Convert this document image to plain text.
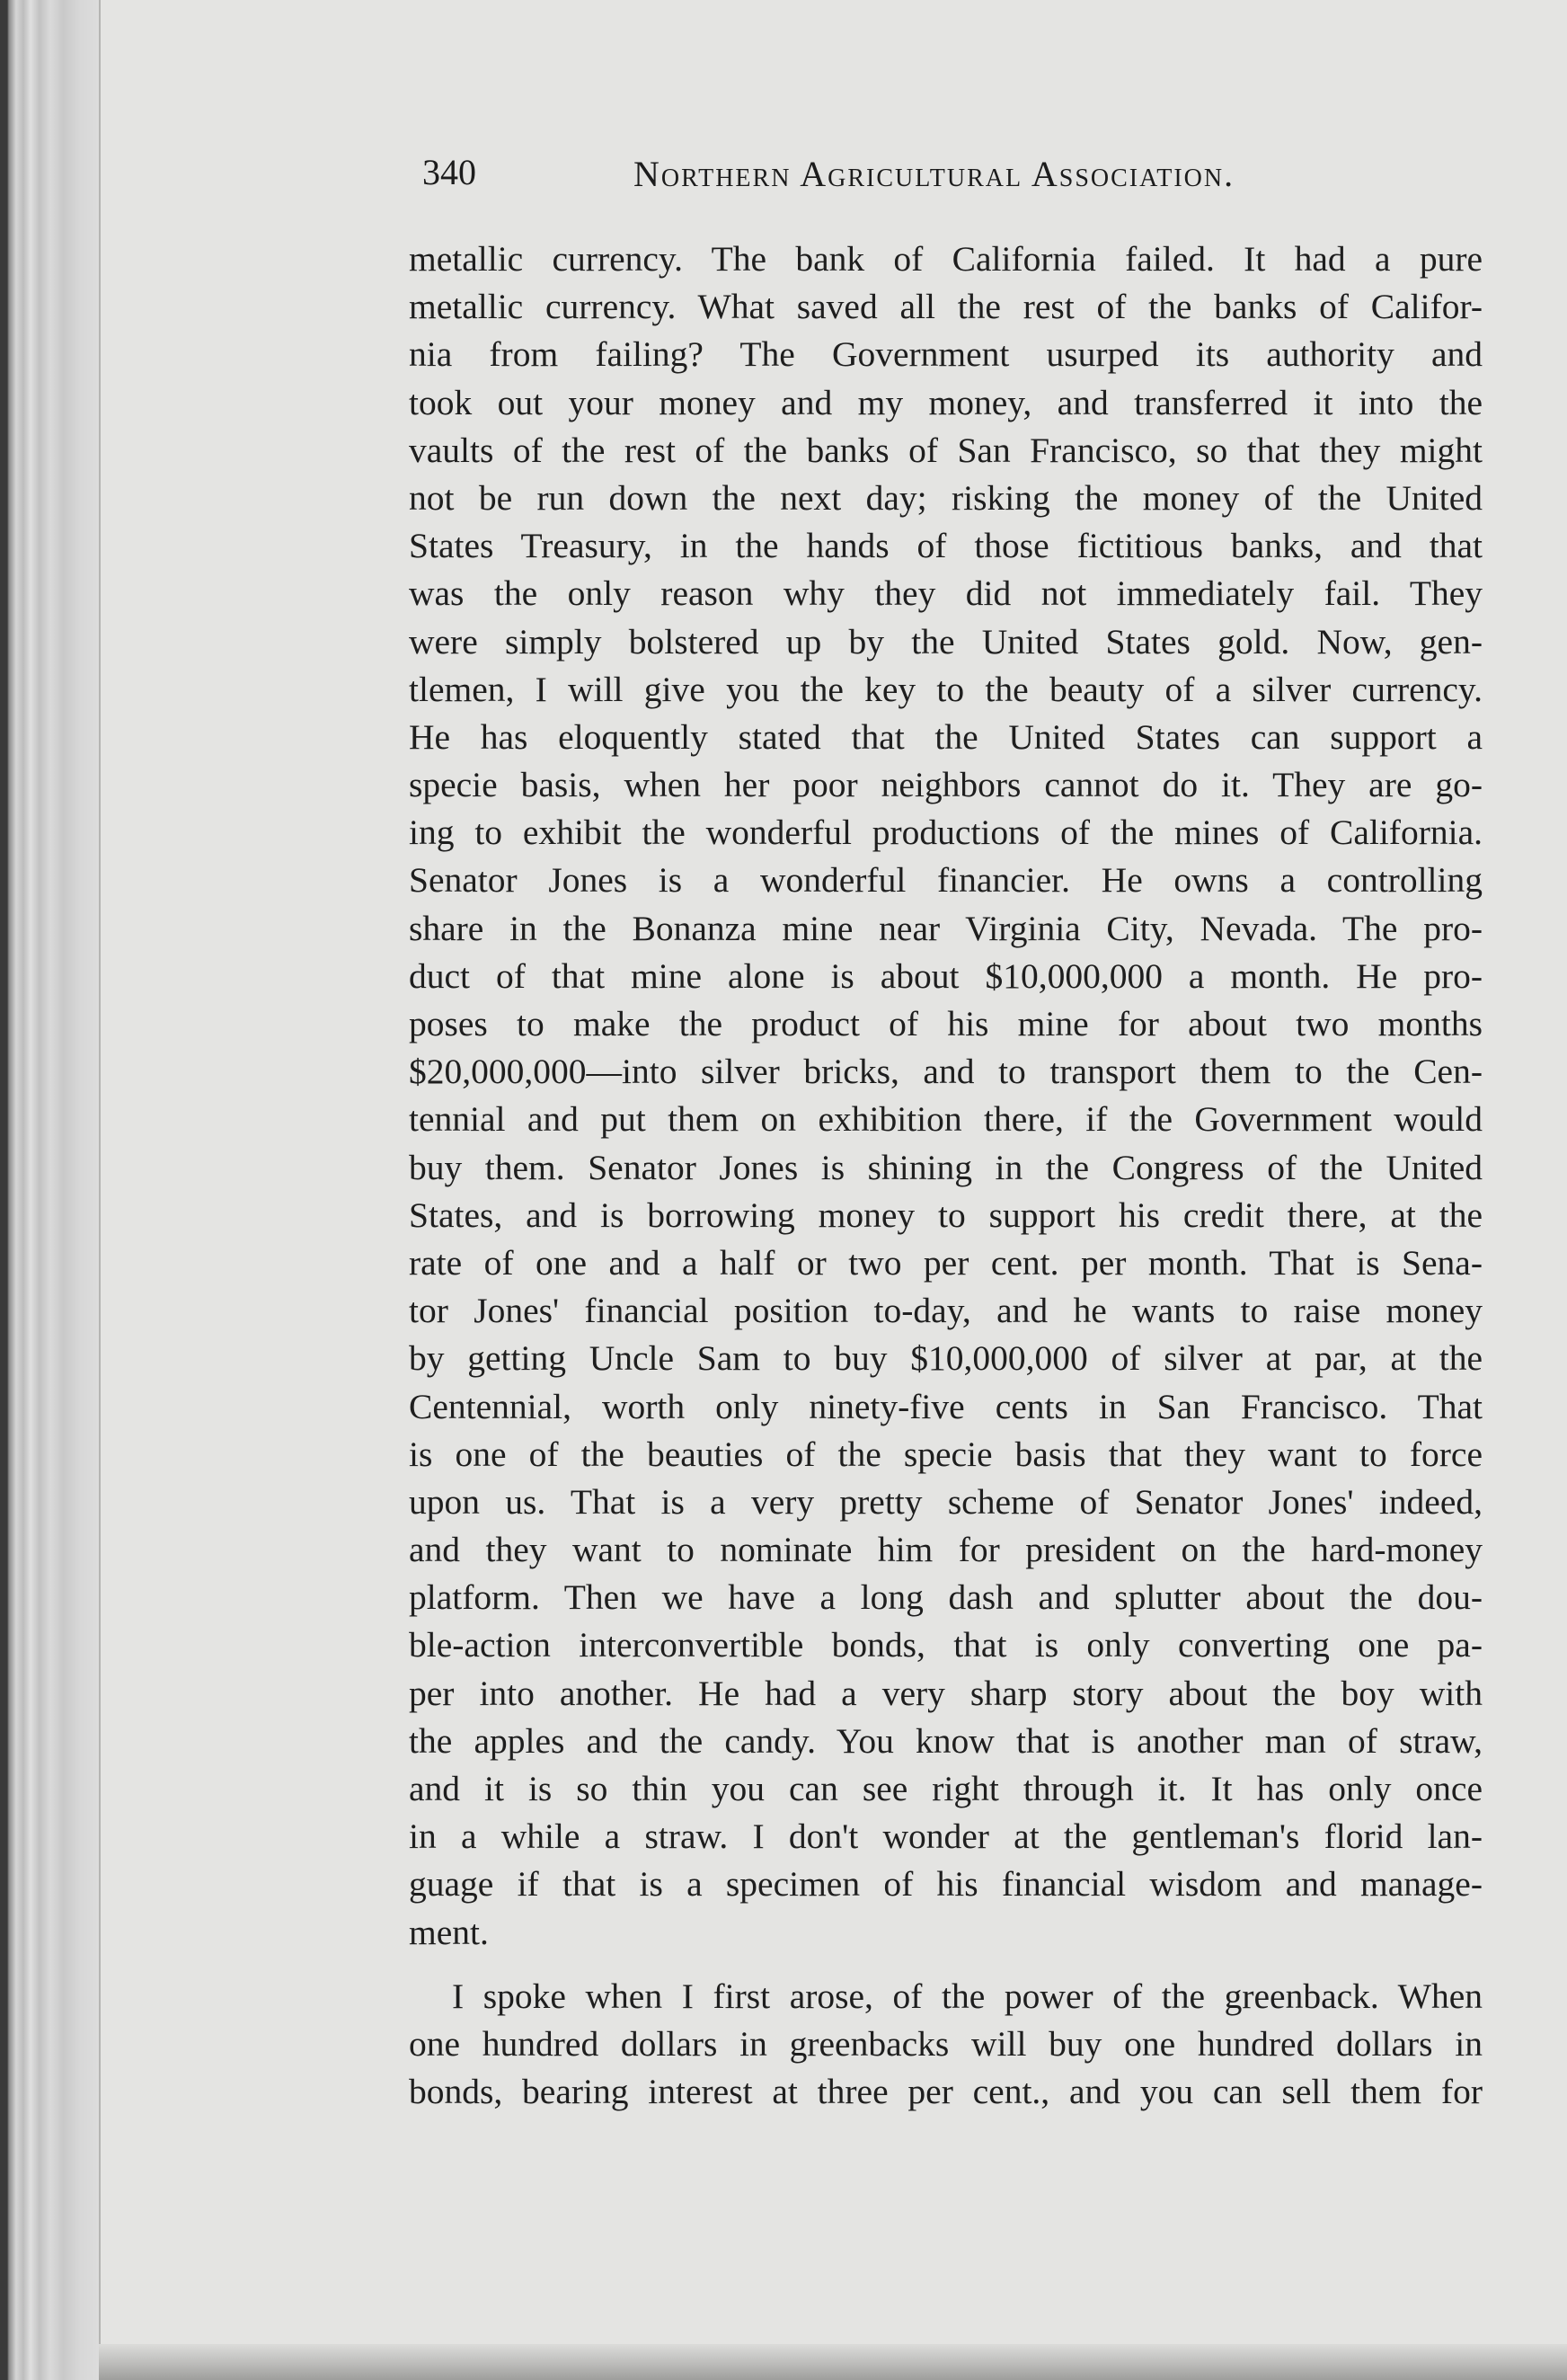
340	Northern Agricultural Association.
metallic currency. The bank of California failed. It had a pure
metallic currency. What saved all the rest of the banks of Califor-
nia from failing? The Government usurped its authority and
took out your money and my money, and transferred it into the
vaults of the rest of the banks of San Francisco, so that they might
not be run down the next day; risking the money of the United
States Treasury, in the hands of those fictitious banks, and that
was the only reason why they did not immediately fail. They
were simply bolstered up by the United States gold. Now, gen-
tlemen, I will give you the key to the beauty of a silver currency.
He has eloquently stated that the United States can support a
specie basis, when her poor neighbors cannot do it. They are go-
ing to exhibit the wonderful productions of the mines of California.
Senator Jones is a wonderful financier. He owns a controlling
share in the Bonanza mine near Virginia City, Nevada. The pro-
duct of that mine alone is about $10,000,000 a month. He pro-
poses to make the product of his mine for about two months
$20,000,000—into silver bricks, and to transport them to the Cen-
tennial and put them on exhibition there, if the Government would
buy them. Senator Jones is shining in the Congress of the United
States, and is borrowing money to support his credit there, at the
rate of one and a half or two per cent. per month. That is Sena-
tor Jones' financial position to-day, and he wants to raise money
by getting Uncle Sam to buy $10,000,000 of silver at par, at the
Centennial, worth only ninety-five cents in San Francisco. That
is one of the beauties of the specie basis that they want to force
upon us. That is a very pretty scheme of Senator Jones' indeed,
and they want to nominate him for president on the hard-money
platform. Then we have a long dash and splutter about the dou-
ble-action interconvertible bonds, that is only converting one pa-
per into another. He had a very sharp story about the boy with
the apples and the candy. You know that is another man of straw,
and it is so thin you can see right through it. It has only once
in a while a straw. I don't wonder at the gentleman's florid lan-
guage if that is a specimen of his financial wisdom and manage-
ment.
I spoke when I first arose, of the power of the greenback. When
one hundred dollars in greenbacks will buy one hundred dollars in
bonds, bearing interest at three per cent., and you can sell them for
